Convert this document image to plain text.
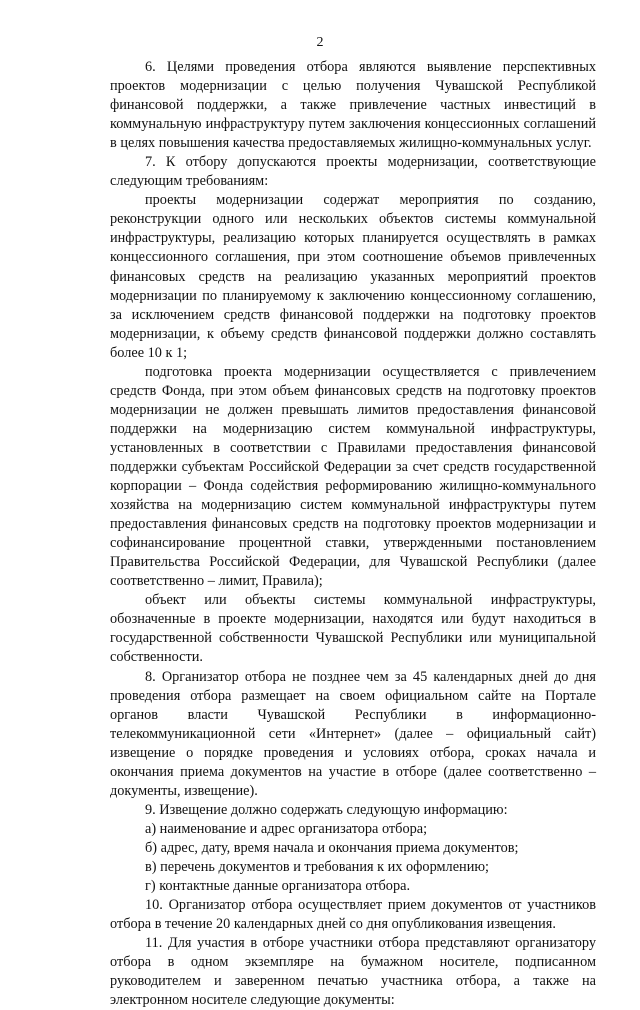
2

6. Целями проведения отбора являются выявление перспективных проектов модернизации с целью получения Чувашской Республикой финансовой поддержки, а также привлечение частных инвестиций в коммунальную инфраструктуру путем заключения концессионных соглашений в целях повышения качества предоставляемых жилищно-коммунальных услуг.

7. К отбору допускаются проекты модернизации, соответствующие следующим требованиям:

проекты модернизации содержат мероприятия по созданию, реконструкции одного или нескольких объектов системы коммунальной инфраструктуры, реализацию которых планируется осуществлять в рамках концессионного соглашения, при этом соотношение объемов привлеченных финансовых средств на реализацию указанных мероприятий проектов модернизации по планируемому к заключению концессионному соглашению, за исключением средств финансовой поддержки на подготовку проектов модернизации, к объему средств финансовой поддержки должно составлять более 10 к 1;

подготовка проекта модернизации осуществляется с привлечением средств Фонда, при этом объем финансовых средств на подготовку проектов модернизации не должен превышать лимитов предоставления финансовой поддержки на модернизацию систем коммунальной инфраструктуры, установленных в соответствии с Правилами предоставления финансовой поддержки субъектам Российской Федерации за счет средств государственной корпорации – Фонда содействия реформированию жилищно-коммунального хозяйства на модернизацию систем коммунальной инфраструктуры путем предоставления финансовых средств на подготовку проектов модернизации и софинансирование процентной ставки, утвержденными постановлением Правительства Российской Федерации, для Чувашской Республики (далее соответственно – лимит, Правила);

объект или объекты системы коммунальной инфраструктуры, обозначенные в проекте модернизации, находятся или будут находиться в государственной собственности Чувашской Республики или муниципальной собственности.

8. Организатор отбора не позднее чем за 45 календарных дней до дня проведения отбора размещает на своем официальном сайте на Портале органов власти Чувашской Республики в информационно-телекоммуникационной сети «Интернет» (далее – официальный сайт) извещение о порядке проведения и условиях отбора, сроках начала и окончания приема документов на участие в отборе (далее соответственно – документы, извещение).

9. Извещение должно содержать следующую информацию:

а) наименование и адрес организатора отбора;

б) адрес, дату, время начала и окончания приема документов;

в) перечень документов и требования к их оформлению;

г) контактные данные организатора отбора.

10. Организатор отбора осуществляет прием документов от участников отбора в течение 20 календарных дней со дня опубликования извещения.

11. Для участия в отборе участники отбора представляют организатору отбора в одном экземпляре на бумажном носителе, подписанном руководителем и заверенном печатью участника отбора, а также на электронном носителе следующие документы:
